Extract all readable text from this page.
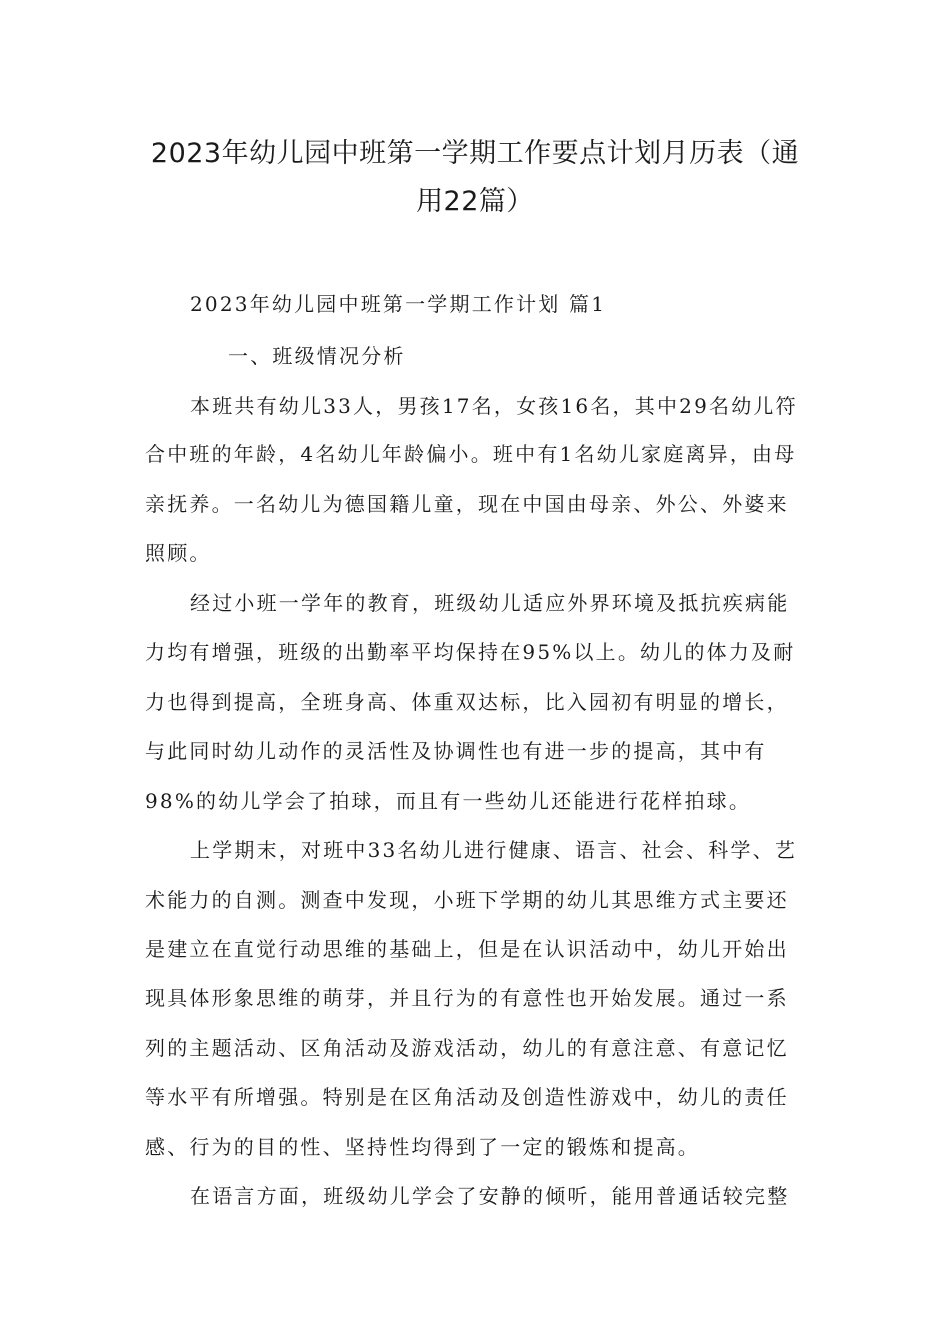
2023年幼儿园中班第一学期工作要点计划月历表（通
用22篇）
2023年幼儿园中班第一学期工作计划 篇1
一、班级情况分析
本班共有幼儿33人，男孩17名，女孩16名，其中29名幼儿符
合中班的年龄，4名幼儿年龄偏小。班中有1名幼儿家庭离异，由母
亲抚养。一名幼儿为德国籍儿童，现在中国由母亲、外公、外婆来
照顾。
经过小班一学年的教育，班级幼儿适应外界环境及抵抗疾病能
力均有增强，班级的出勤率平均保持在95%以上。幼儿的体力及耐
力也得到提高，全班身高、体重双达标，比入园初有明显的增长，
与此同时幼儿动作的灵活性及协调性也有进一步的提高，其中有
98%的幼儿学会了拍球，而且有一些幼儿还能进行花样拍球。
上学期末，对班中33名幼儿进行健康、语言、社会、科学、艺
术能力的自测。测查中发现，小班下学期的幼儿其思维方式主要还
是建立在直觉行动思维的基础上，但是在认识活动中，幼儿开始出
现具体形象思维的萌芽，并且行为的有意性也开始发展。通过一系
列的主题活动、区角活动及游戏活动，幼儿的有意注意、有意记忆
等水平有所增强。特别是在区角活动及创造性游戏中，幼儿的责任
感、行为的目的性、坚持性均得到了一定的锻炼和提高。
在语言方面，班级幼儿学会了安静的倾听，能用普通话较完整
